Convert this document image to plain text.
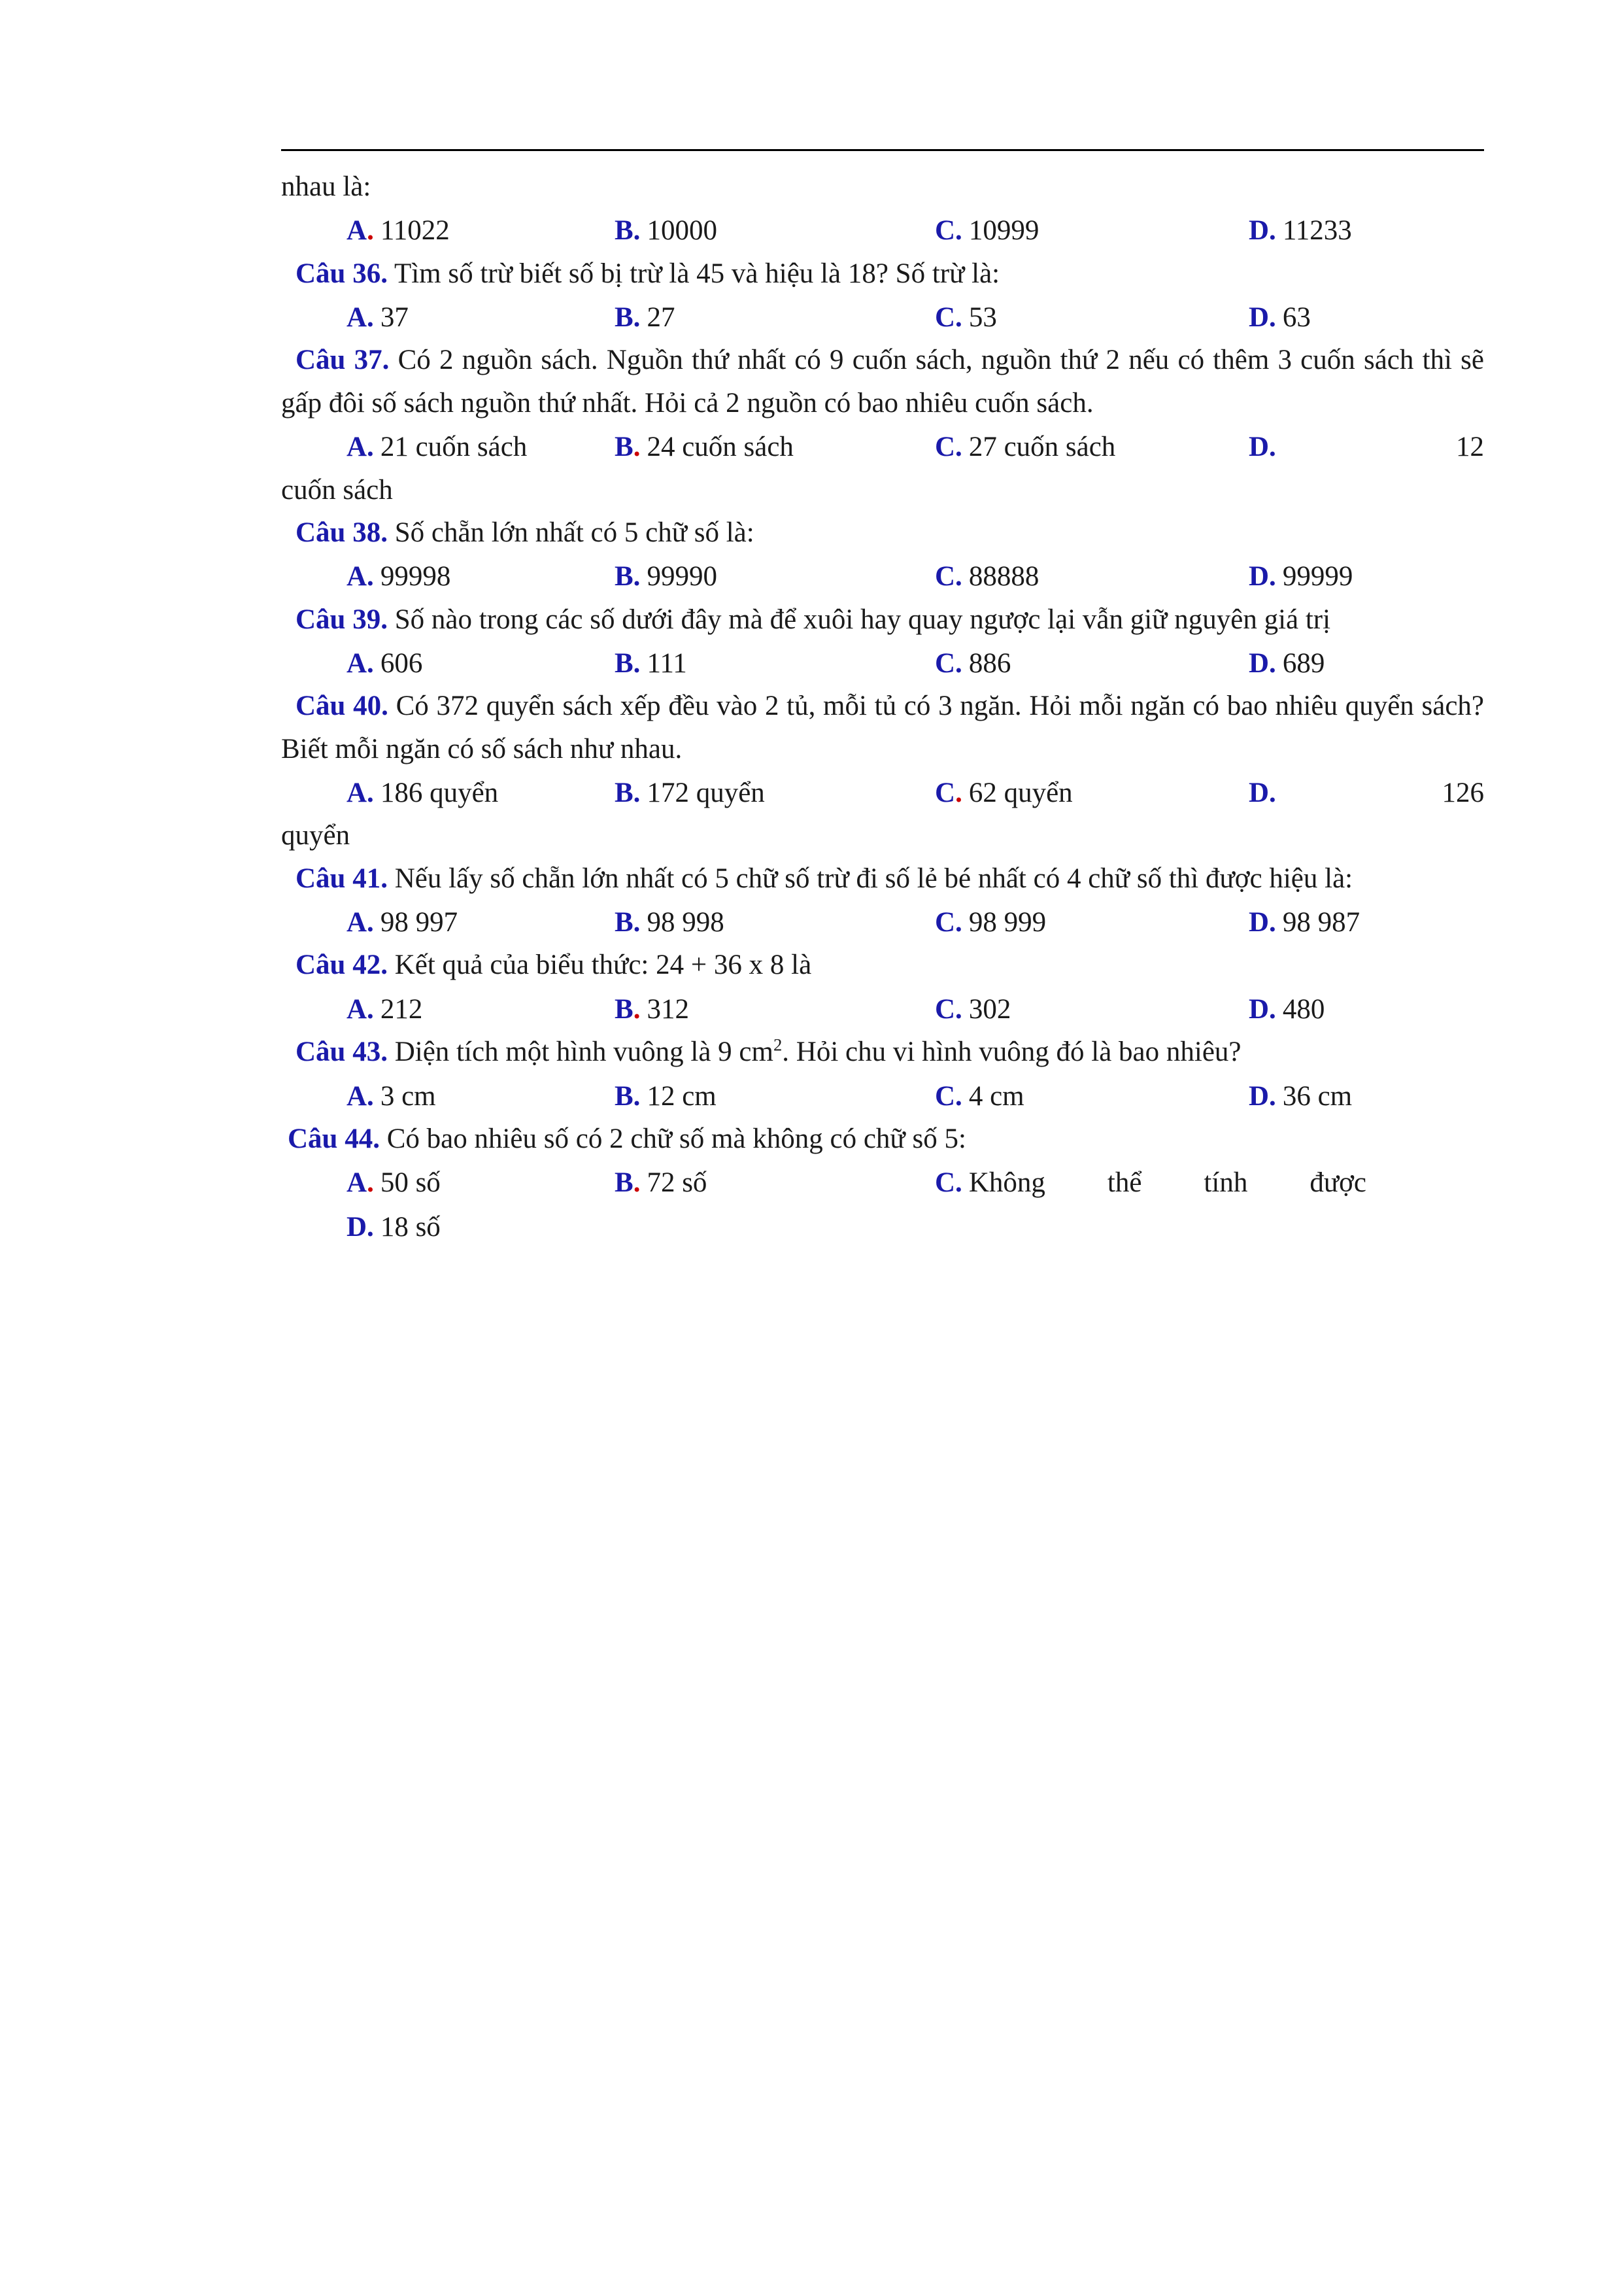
nhau là:
A. 11022	B. 10000	C. 10999	D. 11233
Câu 36. Tìm số trừ biết số bị trừ là 45 và hiệu là 18? Số trừ là:
A. 37	B. 27	C. 53	D. 63
Câu 37. Có 2 nguồn sách. Nguồn thứ nhất có 9 cuốn sách, nguồn thứ 2 nếu có thêm 3 cuốn sách thì sẽ gấp đôi số sách nguồn thứ nhất. Hỏi cả 2 nguồn có bao nhiêu cuốn sách.
A. 21 cuốn sách	B. 24 cuốn sách	C. 27 cuốn sách	D.	12
cuốn sách
Câu 38. Số chẵn lớn nhất có 5 chữ số là:
A. 99998	B. 99990	C. 88888	D. 99999
Câu 39. Số nào trong các số dưới đây mà để xuôi hay quay ngược lại vẫn giữ nguyên giá trị
A. 606	B. 111	C. 886	D. 689
Câu 40. Có 372 quyển sách xếp đều vào 2 tủ, mỗi tủ có 3 ngăn. Hỏi mỗi ngăn có bao nhiêu quyển sách? Biết mỗi ngăn có số sách như nhau.
A. 186 quyển	B. 172 quyển	C. 62 quyển	D.	126
quyển
Câu 41. Nếu lấy số chẵn lớn nhất có 5 chữ số trừ đi số lẻ bé nhất có 4 chữ số thì được hiệu là:
A. 98 997	B. 98 998	C. 98 999	D. 98 987
Câu 42. Kết quả của biểu thức: 24 + 36 x 8 là
A. 212	B. 312	C. 302	D. 480
Câu 43. Diện tích một hình vuông là 9 $cm^2$. Hỏi chu vi hình vuông đó là bao nhiêu?
A. 3 cm	B. 12 cm	C. 4 cm	D. 36 cm
Câu 44. Có bao nhiêu số có 2 chữ số mà không có chữ số 5:
A. 50 số	B. 72 số	C. Không thể tính được
D. 18 số
